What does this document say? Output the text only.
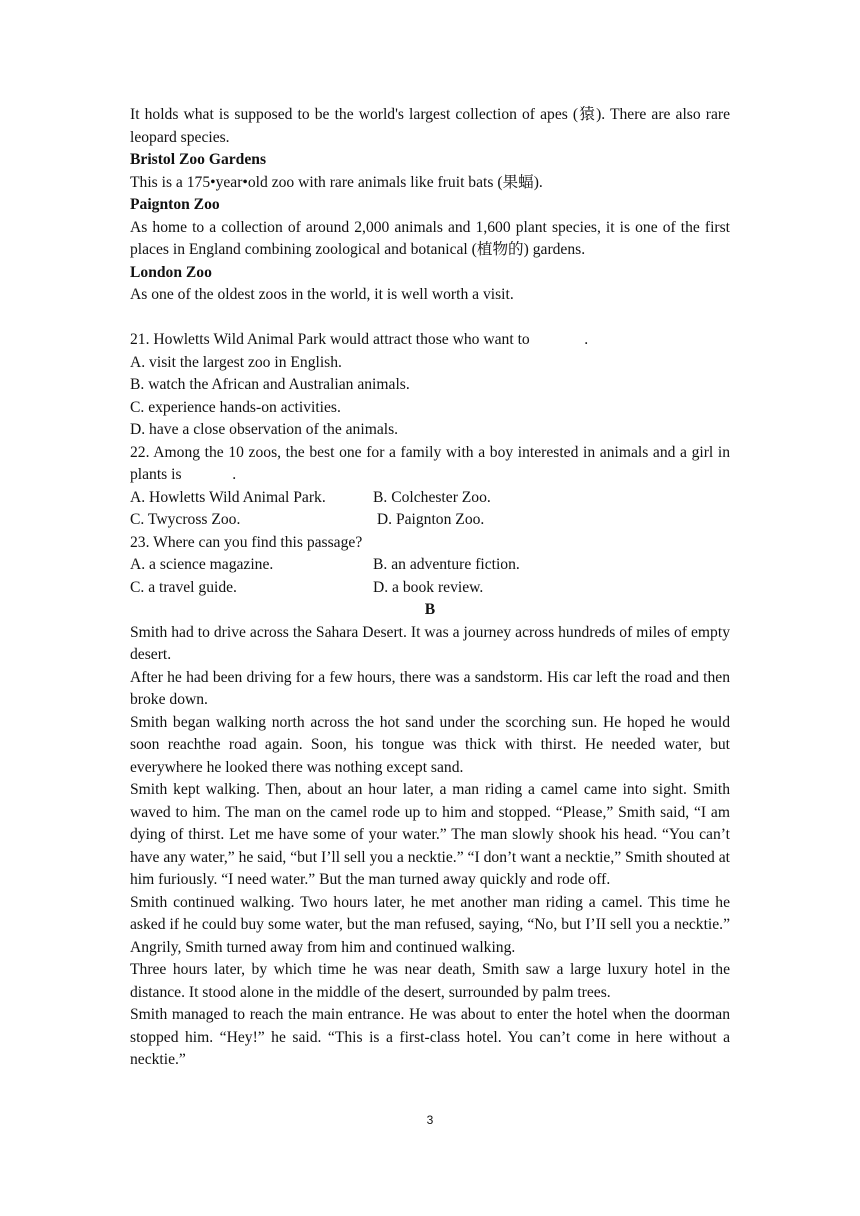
It holds what is supposed to be the world's largest collection of apes (猿). There are also rare leopard species.

Bristol Zoo Gardens

This is a 175•year•old zoo with rare animals like fruit bats (果蝠).

Paignton Zoo

As home to a collection of around 2,000 animals and 1,600 plant species, it is one of the first places in England combining zoological and botanical (植物的) gardens.

London Zoo

As one of the oldest zoos in the world, it is well worth a visit.

21. Howletts Wild Animal Park would attract those who want to              .

A. visit the largest zoo in English.

B. watch the African and Australian animals.

C. experience hands-on activities.

D. have a close observation of the animals.

22. Among the 10 zoos, the best one for a family with a boy interested in animals and a girl in plants is             .

A. Howletts Wild Animal Park.	B. Colchester Zoo.
C. Twycross Zoo.	D. Paignton Zoo.

23. Where can you find this passage?

A. a science magazine.	B. an adventure fiction.
C. a travel guide.	D. a book review.

B

Smith had to drive across the Sahara Desert. It was a journey across hundreds of miles of empty desert.

After he had been driving for a few hours, there was a sandstorm. His car left the road and then broke down.

Smith began walking north across the hot sand under the scorching sun. He hoped he would soon reachthe road again. Soon, his tongue was thick with thirst. He needed water, but everywhere he looked there was nothing except sand.

Smith kept walking. Then, about an hour later, a man riding a camel came into sight. Smith waved to him. The man on the camel rode up to him and stopped. “Please,” Smith said, “I am dying of thirst. Let me have some of your water.” The man slowly shook his head. “You can’t have any water,” he said, “but I’ll sell you a necktie.” “I don’t want a necktie,” Smith shouted at him furiously. “I need water.” But the man turned away quickly and rode off.

Smith continued walking. Two hours later, he met another man riding a camel. This time he asked if he could buy some water, but the man refused, saying, “No, but I’II sell you a necktie.” Angrily, Smith turned away from him and continued walking.

Three hours later, by which time he was near death, Smith saw a large luxury hotel in the distance. It stood alone in the middle of the desert, surrounded by palm trees.

Smith managed to reach the main entrance. He was about to enter the hotel when the doorman stopped him. “Hey!” he said. “This is a first-class hotel. You can’t come in here without a necktie.”

3
